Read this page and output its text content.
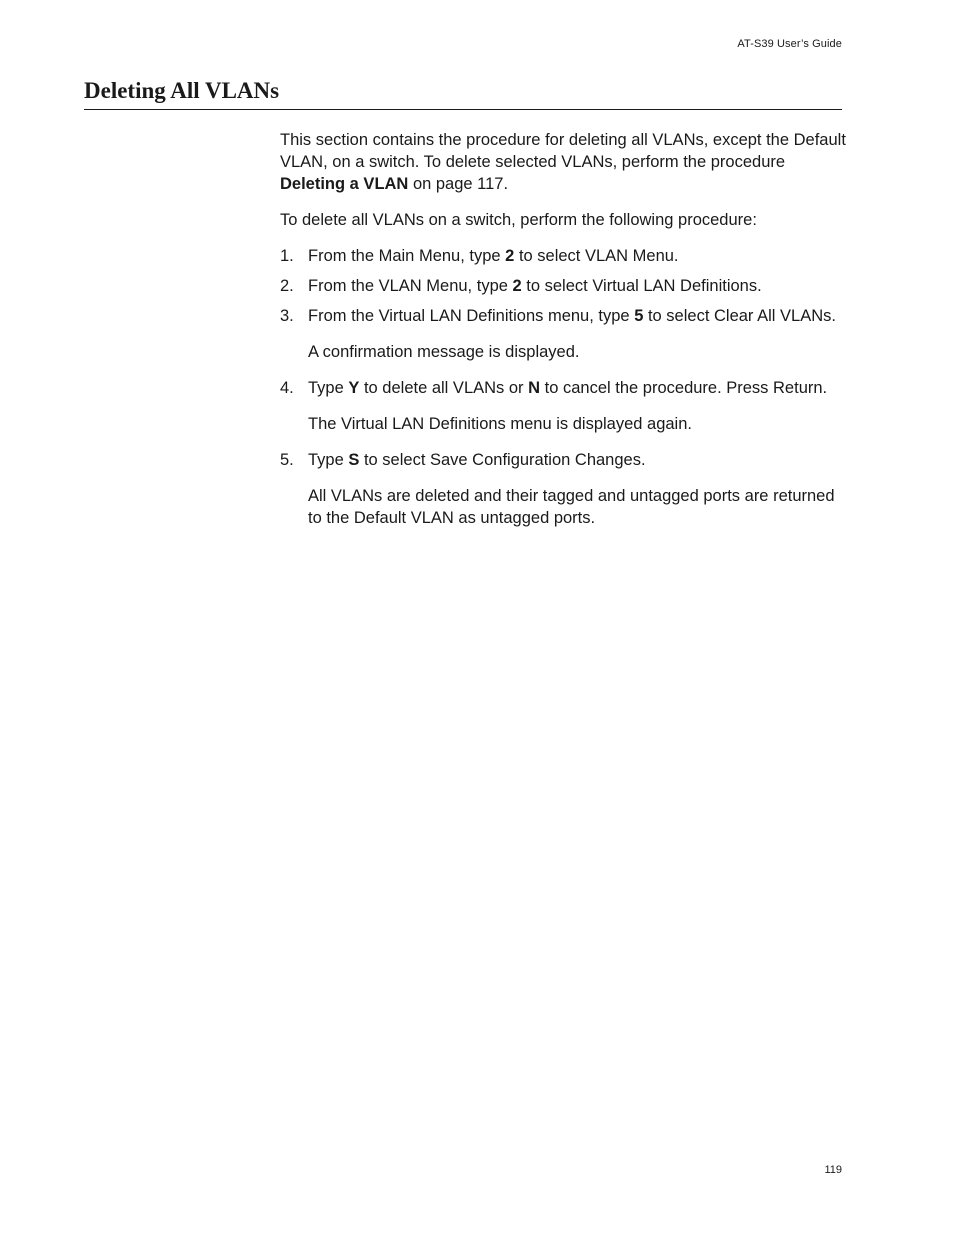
AT-S39 User’s Guide
Deleting All VLANs

This section contains the procedure for deleting all VLANs, except the Default VLAN, on a switch. To delete selected VLANs, perform the procedure Deleting a VLAN on page 117.

To delete all VLANs on a switch, perform the following procedure:

1. From the Main Menu, type 2 to select VLAN Menu.
2. From the VLAN Menu, type 2 to select Virtual LAN Definitions.
3. From the Virtual LAN Definitions menu, type 5 to select Clear All VLANs.

A confirmation message is displayed.

4. Type Y to delete all VLANs or N to cancel the procedure. Press Return.

The Virtual LAN Definitions menu is displayed again.

5. Type S to select Save Configuration Changes.

All VLANs are deleted and their tagged and untagged ports are returned to the Default VLAN as untagged ports.

119
